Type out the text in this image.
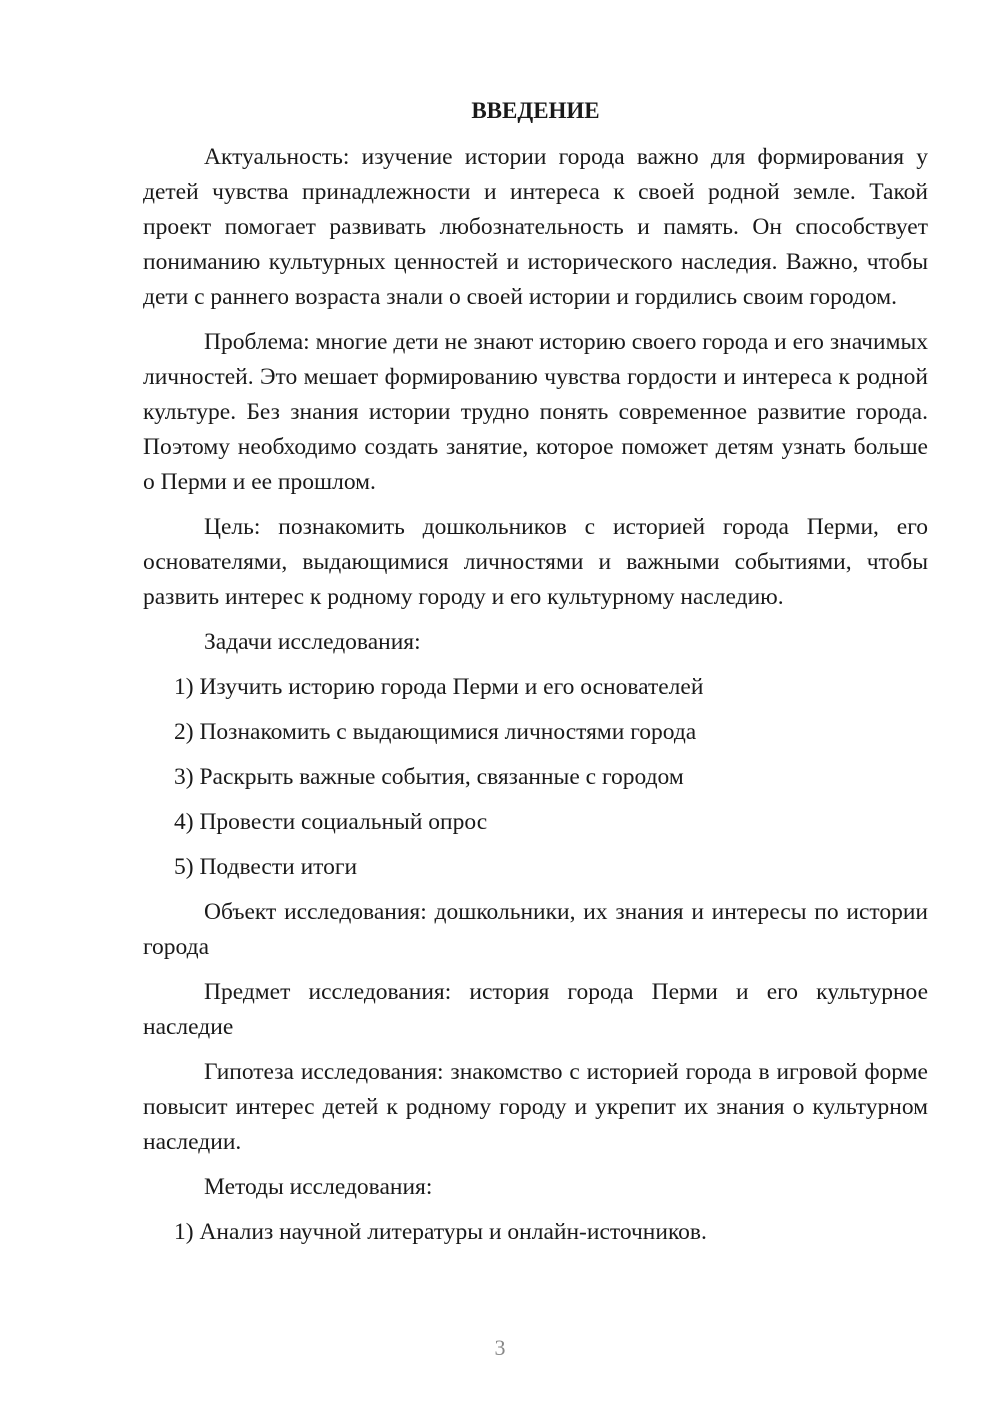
ВВЕДЕНИЕ

Актуальность: изучение истории города важно для формирования у детей чувства принадлежности и интереса к своей родной земле. Такой проект помогает развивать любознательность и память. Он способствует пониманию культурных ценностей и исторического наследия. Важно, чтобы дети с раннего возраста знали о своей истории и гордились своим городом.

Проблема: многие дети не знают историю своего города и его значимых личностей. Это мешает формированию чувства гордости и интереса к родной культуре. Без знания истории трудно понять современное развитие города. Поэтому необходимо создать занятие, которое поможет детям узнать больше о Перми и ее прошлом.

Цель: познакомить дошкольников с историей города Перми, его основателями, выдающимися личностями и важными событиями, чтобы развить интерес к родному городу и его культурному наследию.

Задачи исследования:

1) Изучить историю города Перми и его основателей
2) Познакомить с выдающимися личностями города
3) Раскрыть важные события, связанные с городом
4) Провести социальный опрос
5) Подвести итоги

Объект исследования: дошкольники, их знания и интересы по истории города

Предмет исследования: история города Перми и его культурное наследие

Гипотеза исследования: знакомство с историей города в игровой форме повысит интерес детей к родному городу и укрепит их знания о культурном наследии.

Методы исследования:

1) Анализ научной литературы и онлайн-источников.
3
